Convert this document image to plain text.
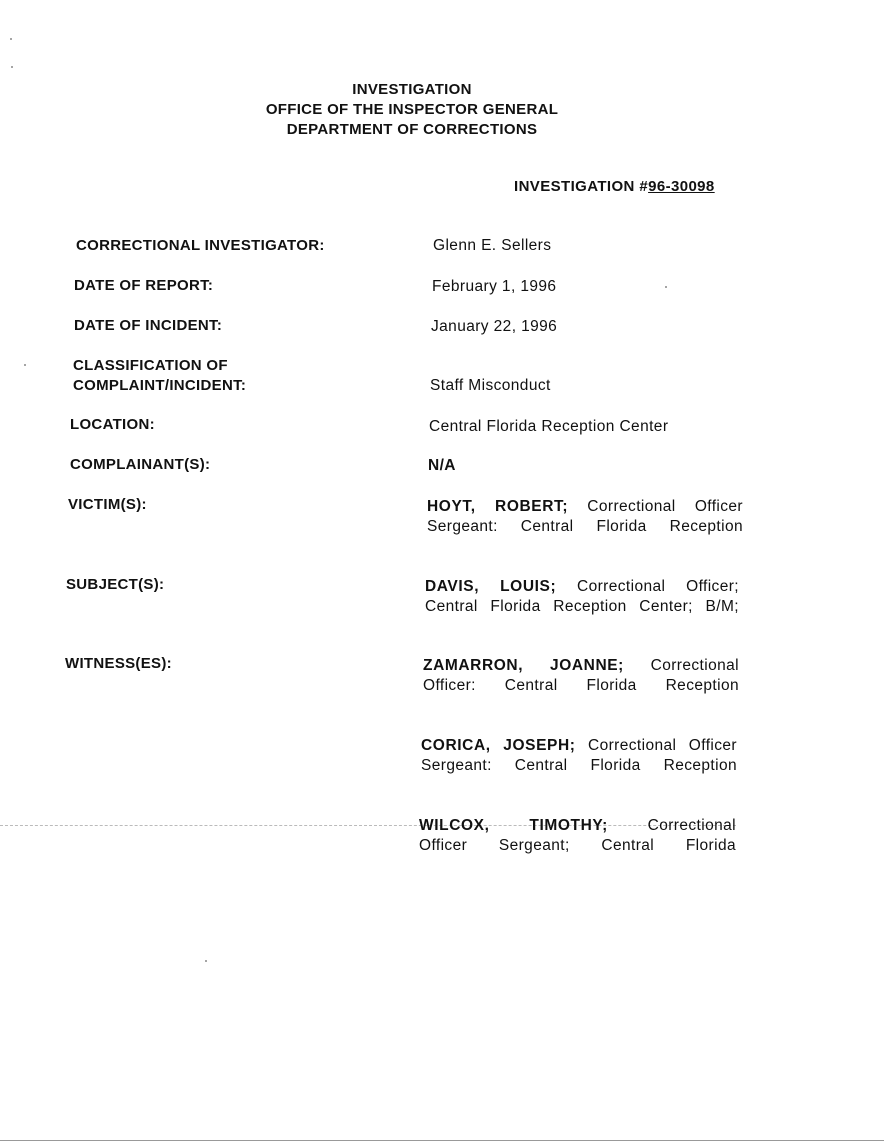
INVESTIGATION
OFFICE OF THE INSPECTOR GENERAL
DEPARTMENT OF CORRECTIONS
INVESTIGATION #96-30098
CORRECTIONAL INVESTIGATOR:	Glenn E. Sellers
DATE OF REPORT:	February 1, 1996
DATE OF INCIDENT:	January 22, 1996
CLASSIFICATION OF
COMPLAINT/INCIDENT:	Staff Misconduct
LOCATION:	Central Florida Reception Center
COMPLAINANT(S):	N/A
VICTIM(S):	HOYT, ROBERT; Correctional Officer
Sergeant: Central Florida Reception
SUBJECT(S):	DAVIS, LOUIS; Correctional Officer;
Central Florida Reception Center; B/M;
WITNESS(ES):	ZAMARRON, JOANNE; Correctional
Officer: Central Florida Reception
CORICA, JOSEPH; Correctional Officer
Sergeant: Central Florida Reception
WILCOX, TIMOTHY; Correctional
Officer Sergeant; Central Florida
